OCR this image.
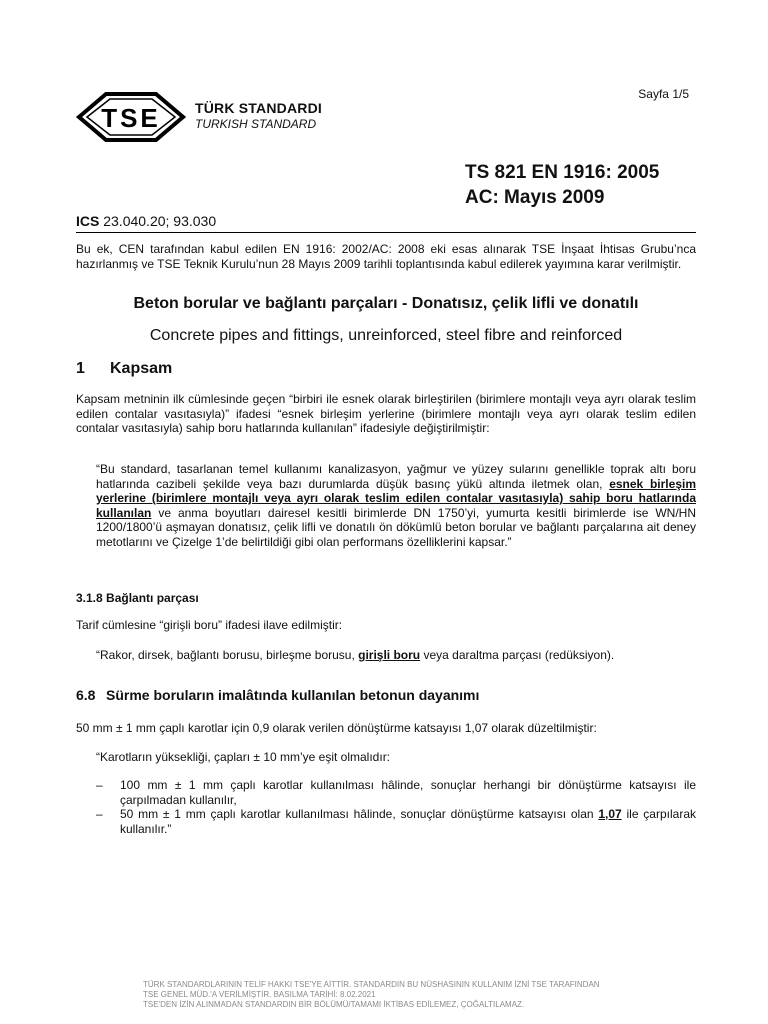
Sayfa 1/5
TSE TÜRK STANDARDI
TURKISH STANDARD
TS 821 EN 1916: 2005
AC: Mayıs 2009
ICS 23.040.20; 93.030
Bu ek, CEN tarafından kabul edilen EN 1916: 2002/AC: 2008 eki esas alınarak TSE İnşaat İhtisas Grubu’nca hazırlanmış ve TSE Teknik Kurulu’nun 28 Mayıs 2009 tarihli toplantısında kabul edilerek yayımına karar verilmiştir.
Beton borular ve bağlantı parçaları - Donatısız, çelik lifli ve donatılı
Concrete pipes and fittings, unreinforced, steel fibre and reinforced
1 Kapsam
Kapsam metninin ilk cümlesinde geçen “birbiri ile esnek olarak birleştirilen (birimlere montajlı veya ayrı olarak teslim edilen contalar vasıtasıyla)” ifadesi “esnek birleşim yerlerine (birimlere montajlı veya ayrı olarak teslim edilen contalar vasıtasıyla) sahip boru hatlarında kullanılan” ifadesiyle değiştirilmiştir:
“Bu standard, tasarlanan temel kullanımı kanalizasyon, yağmur ve yüzey sularını genellikle toprak altı boru hatlarında cazibeli şekilde veya bazı durumlarda düşük basınç yükü altında iletmek olan, esnek birleşim yerlerine (birimlere montajlı veya ayrı olarak teslim edilen contalar vasıtasıyla) sahip boru hatlarında kullanılan ve anma boyutları dairesel kesitli birimlerde DN 1750’yi, yumurta kesitli birimlerde ise WN/HN 1200/1800’ü aşmayan donatısız, çelik lifli ve donatılı ön dökümlü beton borular ve bağlantı parçalarına ait deney metotlarını ve Çizelge 1’de belirtildiği gibi olan performans özelliklerini kapsar.”
3.1.8 Bağlantı parçası
Tarif cümlesine “girişli boru” ifadesi ilave edilmiştir:
“Rakor, dirsek, bağlantı borusu, birleşme borusu, girişli boru veya daraltma parçası (redüksiyon).
6.8 Sürme boruların imalâtında kullanılan betonun dayanımı
50 mm ± 1 mm çaplı karotlar için 0,9 olarak verilen dönüştürme katsayısı 1,07 olarak düzeltilmiştir:
“Karotların yüksekliği, çapları ± 10 mm’ye eşit olmalıdır:
– 100 mm ± 1 mm çaplı karotlar kullanılması hâlinde, sonuçlar herhangi bir dönüştürme katsayısı ile çarpılmadan kullanılır,
– 50 mm ± 1 mm çaplı karotlar kullanılması hâlinde, sonuçlar dönüştürme katsayısı olan 1,07 ile çarpılarak kullanılır.”
TÜRK STANDARDLARININ TELİF HAKKI TSE'YE AİTTİR. STANDARDIN BU NÜSHASININ KULLANIM İZNİ TSE TARAFINDAN
TSE GENEL MÜD.'A VERİLMİŞTİR. BASILMA TARİHİ: 8.02.2021
TSE'DEN İZİN ALINMADAN STANDARDIN BİR BÖLÜMÜ/TAMAMI İKTİBAS EDİLEMEZ, ÇOĞALTILAMAZ.
